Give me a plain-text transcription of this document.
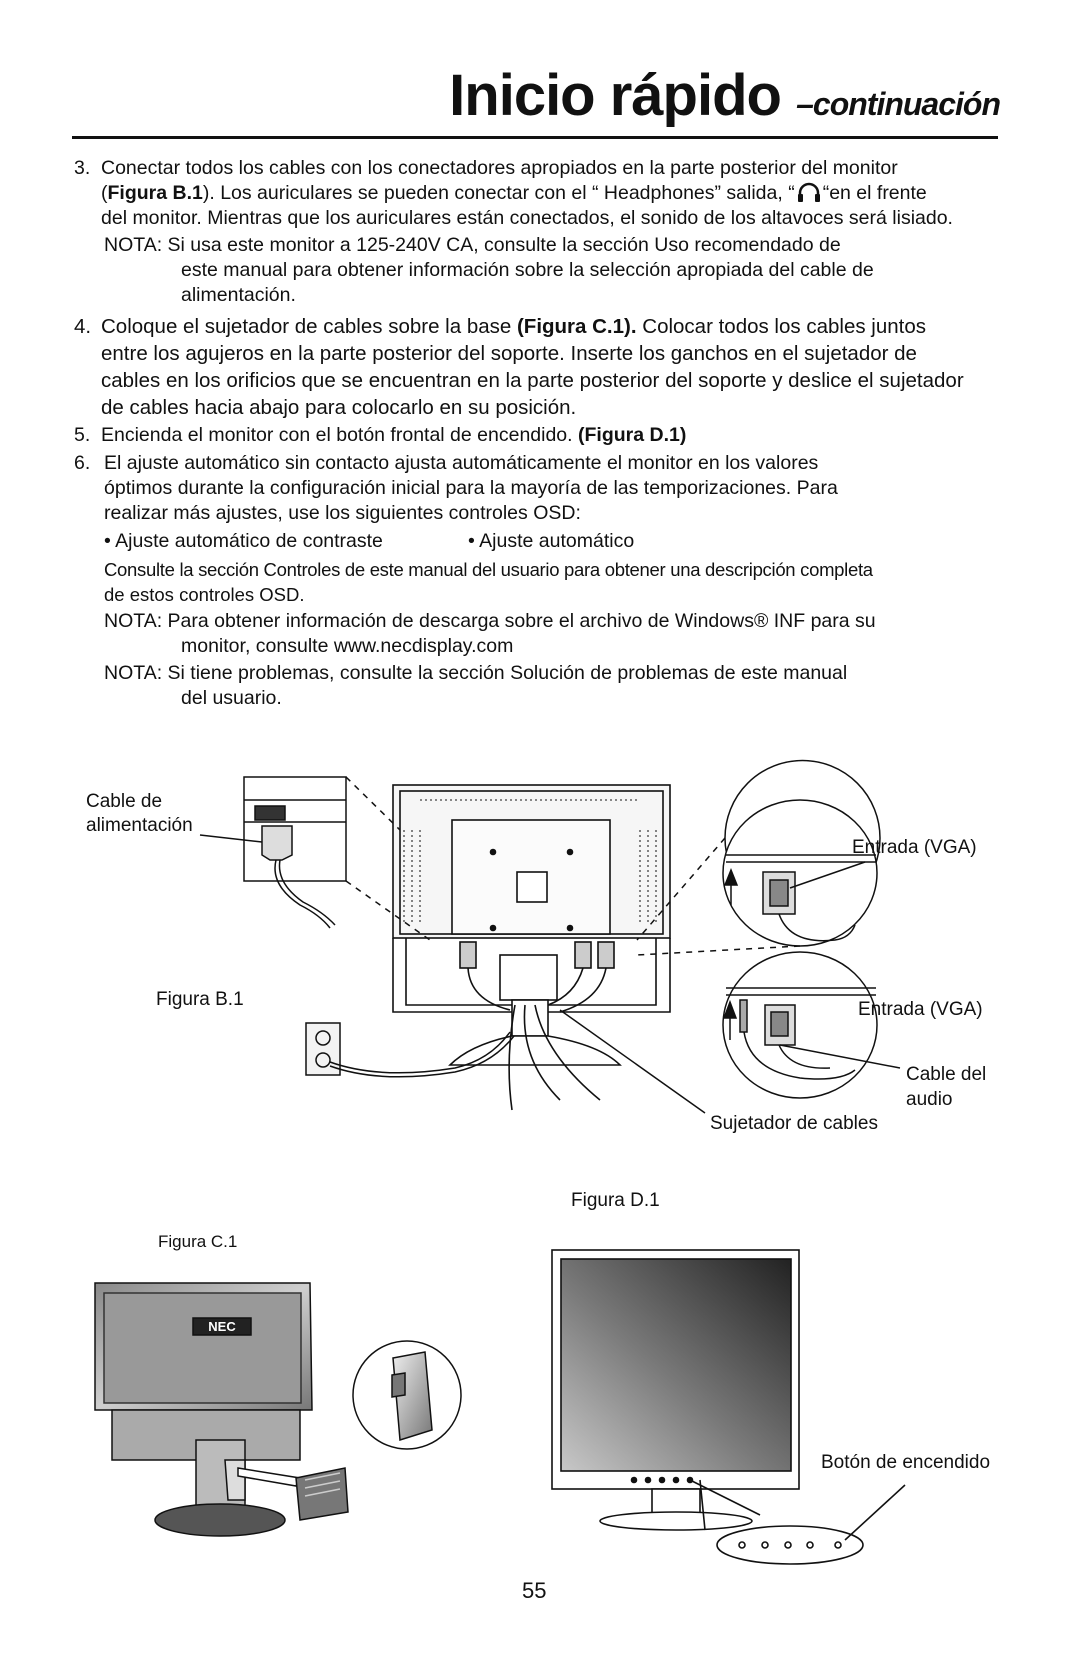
Inicio rápido –continuación
3. Conectar todos los cables con los conectadores apropiados en la parte posterior del monitor
(Figura B.1). Los auriculares se pueden conectar con el “ Headphones” salida, “ “en el frente
del monitor. Mientras que los auriculares están conectados, el sonido de los altavoces será lisiado.
NOTA: Si usa este monitor a 125-240V CA, consulte la sección Uso recomendado de
este manual para obtener información sobre la selección apropiada del cable de
alimentación.
4. Coloque el sujetador de cables sobre la base (Figura C.1). Colocar todos los cables juntos
entre los agujeros en la parte posterior del soporte. Inserte los ganchos en el sujetador de
cables en los orificios que se encuentran en la parte posterior del soporte y deslice el sujetador
de cables hacia abajo para colocarlo en su posición.
5. Encienda el monitor con el botón frontal de encendido. (Figura D.1)
6. El ajuste automático sin contacto ajusta automáticamente el monitor en los valores
óptimos durante la configuración inicial para la mayoría de las temporizaciones. Para
realizar más ajustes, use los siguientes controles OSD:
• Ajuste automático de contraste	• Ajuste automático
Consulte la sección Controles de este manual del usuario para obtener una descripción completa
de estos controles OSD.
NOTA: Para obtener información de descarga sobre el archivo de Windows® INF para su
monitor, consulte www.necdisplay.com
NOTA: Si tiene problemas, consulte la sección Solución de problemas de este manual
del usuario.
NEC
Cable de
alimentación
Entrada (VGA)
Entrada (VGA)
Figura B.1
Cable del
audio
Sujetador de cables
Figura D.1
Figura C.1
Botón de encendido
55
